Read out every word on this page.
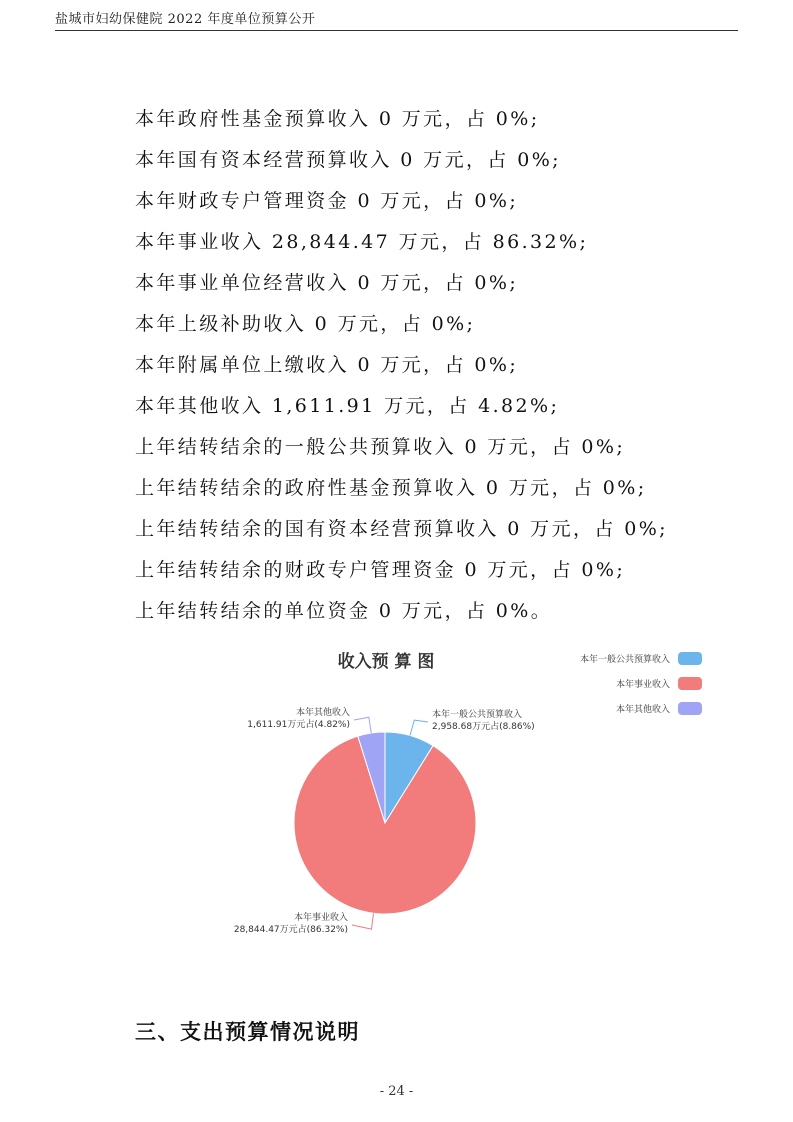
盐城市妇幼保健院 2022 年度单位预算公开
本年政府性基金预算收入 0 万元，占 0%;
本年国有资本经营预算收入 0 万元，占 0%;
本年财政专户管理资金 0 万元，占 0%;
本年事业收入 28,844.47 万元，占 86.32%;
本年事业单位经营收入 0 万元，占 0%;
本年上级补助收入 0 万元，占 0%;
本年附属单位上缴收入 0 万元，占 0%;
本年其他收入 1,611.91 万元，占 4.82%;
上年结转结余的一般公共预算收入 0 万元，占 0%;
上年结转结余的政府性基金预算收入 0 万元，占 0%;
上年结转结余的国有资本经营预算收入 0 万元，占 0%;
上年结转结余的财政专户管理资金 0 万元，占 0%;
上年结转结余的单位资金 0 万元，占 0%。
收入预 算 图
本年一般公共预算收入
2,958.68万元占(8.86%)
本年事业收入
28,844.47万元占(86.32%)
本年其他收入
1,611.91万元占(4.82%)
本年一般公共预算收入
本年事业收入
本年其他收入
三、支出预算情况说明
- 24 -
